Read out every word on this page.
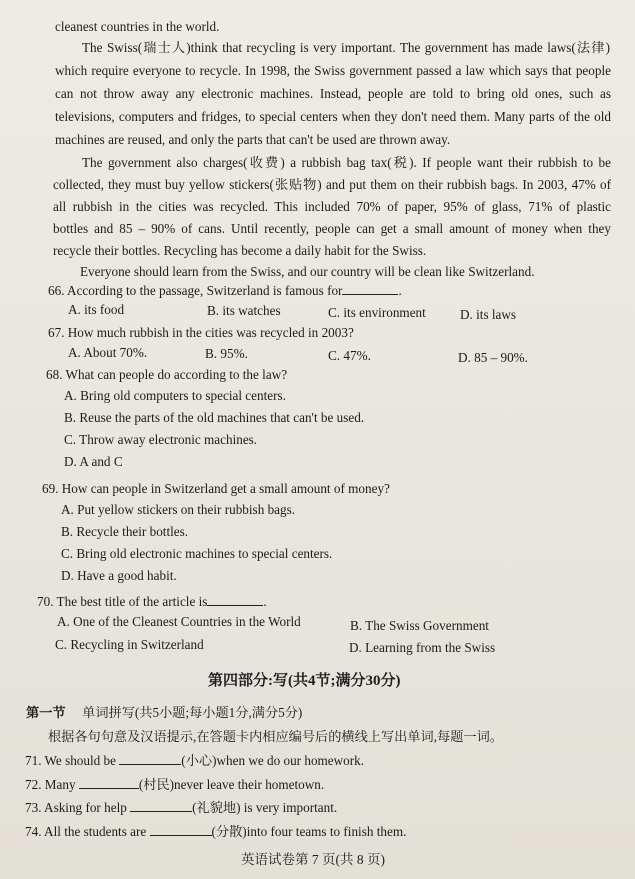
cleanest countries in the world.
The Swiss(瑞士人)think that recycling is very important. The government has made laws(法律)
which require everyone to recycle. In 1998, the Swiss government passed a law which says that people
can not throw away any electronic machines. Instead, people are told to bring old ones, such as
televisions, computers and fridges, to special centers when they don't need them. Many parts of the old
machines are reused, and only the parts that can't be used are thrown away.
The government also charges(收费) a rubbish bag tax(税). If people want their rubbish to be
collected, they must buy yellow stickers(张贴物) and put them on their rubbish bags. In 2003, 47% of
all rubbish in the cities was recycled. This included 70% of paper, 95% of glass, 71% of plastic
bottles and 85 – 90% of cans. Until recently, people can get a small amount of money when they
recycle their bottles. Recycling has become a daily habit for the Swiss.
Everyone should learn from the Swiss, and our country will be clean like Switzerland.
66. According to the passage, Switzerland is famous for	.
A. its food	B. its watches	C. its environment	D. its laws
67. How much rubbish in the cities was recycled in 2003?
A. About 70%.	B. 95%.	C. 47%.	D. 85 – 90%.
68. What can people do according to the law?
A. Bring old computers to special centers.
B. Reuse the parts of the old machines that can't be used.
C. Throw away electronic machines.
D. A and C
69. How can people in Switzerland get a small amount of money?
A. Put yellow stickers on their rubbish bags.
B. Recycle their bottles.
C. Bring old electronic machines to special centers.
D. Have a good habit.
70. The best title of the article is	.
A. One of the Cleanest Countries in the World	B. The Swiss Government
C. Recycling in Switzerland	D. Learning from the Swiss
第四部分:写(共4节;满分30分)
第一节 单词拼写(共5小题;每小题1分,满分5分)
根据各句句意及汉语提示,在答题卡内相应编号后的横线上写出单词,每题一词。
71. We should be	(小心)when we do our homework.
72. Many	(村民)never leave their hometown.
73. Asking for help	(礼貌地) is very important.
74. All the students are	(分散)into four teams to finish them.
英语试卷第 7 页(共 8 页)
